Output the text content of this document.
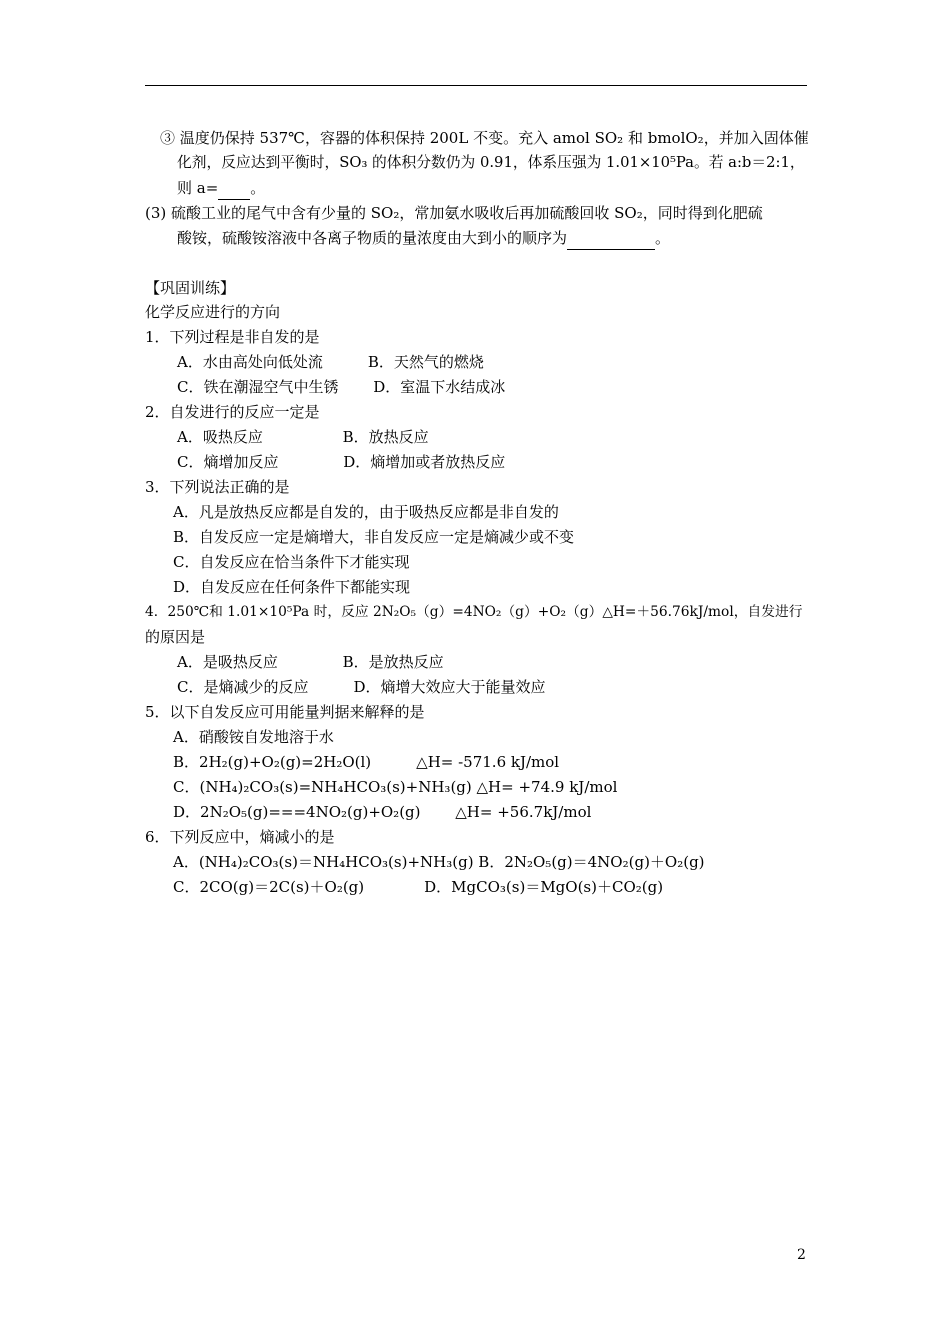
③ 温度仍保持 537℃，容器的体积保持 200L 不变。充入 amol SO₂ 和 bmolO₂，并加入固体催
化剂，反应达到平衡时，SO₃ 的体积分数仍为 0.91，体系压强为 1.01×10⁵Pa。若 a:b＝2:1，
则 a= 。
(3) 硫酸工业的尾气中含有少量的 SO₂，常加氨水吸收后再加硫酸回收 SO₂，同时得到化肥硫
酸铵，硫酸铵溶液中各离子物质的量浓度由大到小的顺序为	。
【巩固训练】
化学反应进行的方向
1．下列过程是非自发的是
A．水由高处向低处流　　　B．天然气的燃烧
C．铁在潮湿空气中生锈　　 D．室温下水结成冰
2．自发进行的反应一定是
A．吸热反应　　　　　 B．放热反应
C．熵增加反应　　　　 D．熵增加或者放热反应
3．下列说法正确的是
A．凡是放热反应都是自发的，由于吸热反应都是非自发的
B．自发反应一定是熵增大，非自发反应一定是熵减少或不变
C．自发反应在恰当条件下才能实现
D．自发反应在任何条件下都能实现
4．250℃和 1.01×10⁵Pa 时，反应 2N₂O₅（g）=4NO₂（g）+O₂（g）△H=＋56.76kJ/mol，自发进行
的原因是
A．是吸热反应　　　　 B．是放热反应
C．是熵减少的反应　　　D．熵增大效应大于能量效应
5．以下自发反应可用能量判据来解释的是
A．硝酸铵自发地溶于水
B．2H₂(g)+O₂(g)=2H₂O(l)　　　△H= -571.6 kJ/mol
C．(NH₄)₂CO₃(s)=NH₄HCO₃(s)+NH₃(g) △H= +74.9 kJ/mol
D．2N₂O₅(g)===4NO₂(g)+O₂(g)　　 △H= +56.7kJ/mol
6．下列反应中，熵减小的是
A．(NH₄)₂CO₃(s)＝NH₄HCO₃(s)+NH₃(g) B．2N₂O₅(g)＝4NO₂(g)＋O₂(g)
C．2CO(g)＝2C(s)＋O₂(g)　　　　D．MgCO₃(s)＝MgO(s)＋CO₂(g)
2
